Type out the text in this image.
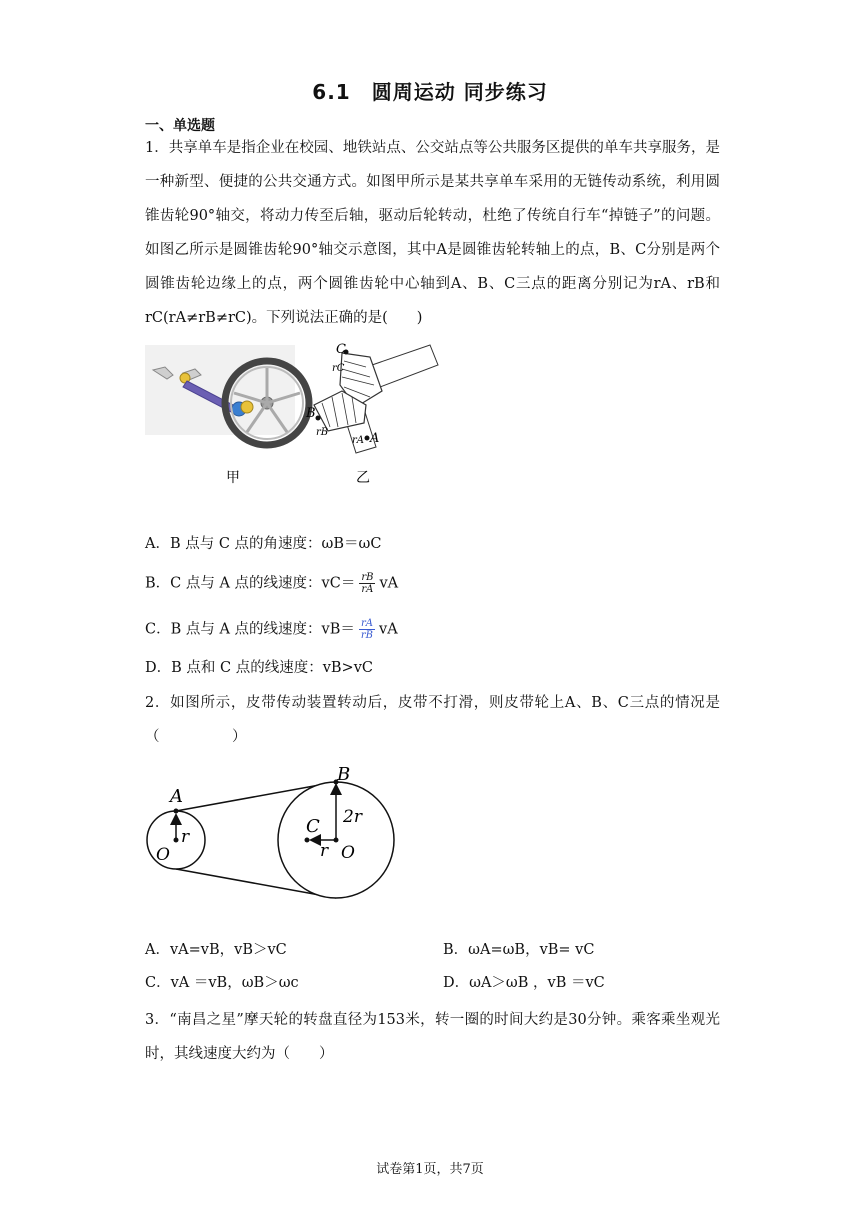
6.1　圆周运动 同步练习
一、单选题
1．共享单车是指企业在校园、地铁站点、公交站点等公共服务区提供的单车共享服务，是一种新型、便捷的公共交通方式。如图甲所示是某共享单车采用的无链传动系统，利用圆锥齿轮90°轴交，将动力传至后轴，驱动后轮转动，杜绝了传统自行车“掉链子”的问题。如图乙所示是圆锥齿轮90°轴交示意图，其中A是圆锥齿轮转轴上的点，B、C分别是两个圆锥齿轮边缘上的点，两个圆锥齿轮中心轴到A、B、C三点的距离分别记为rA、rB和rC(rA≠rB≠rC)。下列说法正确的是(　　)
甲
C
rC
B
rB
rA A
乙
A．B 点与 C 点的角速度：ωB＝ωC
B．C 点与 A 点的线速度：$vC= \frac{rB}{rA}$ vA
C．B 点与 A 点的线速度：$vB= \frac{rA}{rB}$ vA
D．B 点和 C 点的线速度：vB>vC
2．如图所示，皮带传动装置转动后，皮带不打滑，则皮带轮上A、B、C三点的情况是（　　　　　）
A
r
O
B
2r
C
r O
A．vA=vB，vB＞vC	B．ωA=ωB，vB= vC
C．vA ＝vB，ωB＞ωc	D．ωA＞ωB ，vB ＝vC
3．“南昌之星”摩天轮的转盘直径为153米，转一圈的时间大约是30分钟。乘客乘坐观光时，其线速度大约为（　　）
试卷第1页，共7页
